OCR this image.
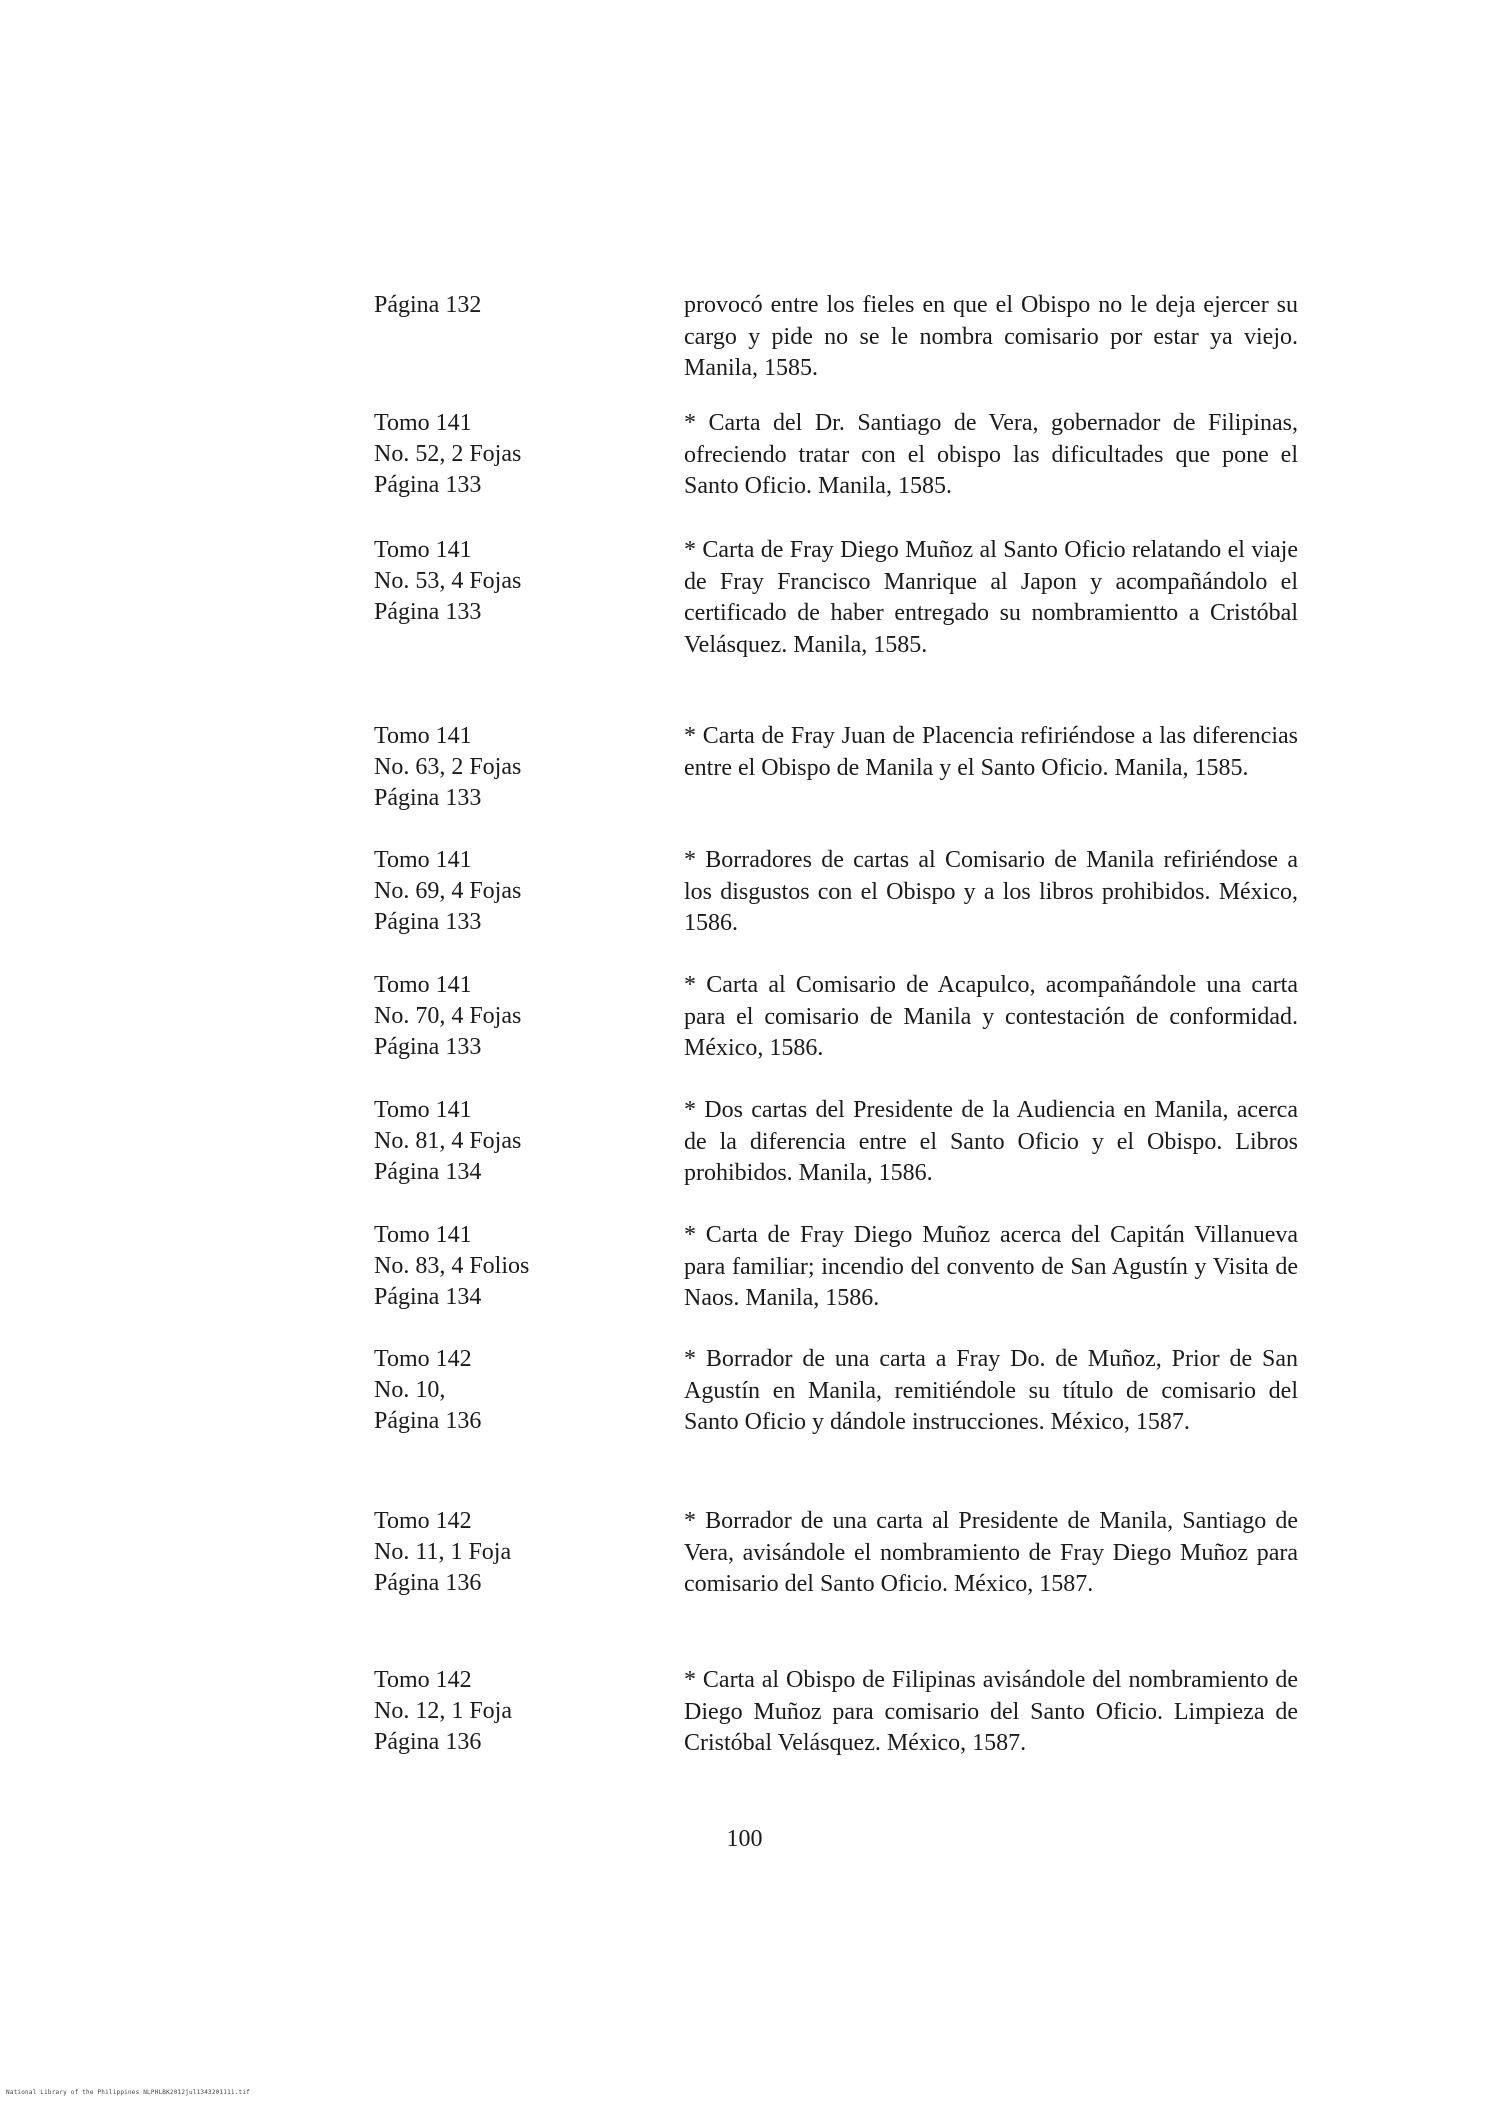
Página 132	provocó entre los fieles en que el Obispo no le deja ejercer su cargo y pide no se le nombra comisario por estar ya viejo. Manila, 1585.
Tomo 141
No. 52, 2 Fojas
Página 133
* Carta del Dr. Santiago de Vera, gobernador de Filipinas, ofreciendo tratar con el obispo las dificultades que pone el Santo Oficio. Manila, 1585.
Tomo 141
No. 53, 4 Fojas
Página 133
* Carta de Fray Diego Muñoz al Santo Oficio relatando el viaje de Fray Francisco Manrique al Japon y acompañándolo el certificado de haber entregado su nombramientto a Cristóbal Velásquez. Manila, 1585.
Tomo 141
No. 63, 2 Fojas
Página 133
* Carta de Fray Juan de Placencia refiriéndose a las diferencias entre el Obispo de Manila y el Santo Oficio. Manila, 1585.
Tomo 141
No. 69, 4 Fojas
Página 133
* Borradores de cartas al Comisario de Manila refiriéndose a los disgustos con el Obispo y a los libros prohibidos. México, 1586.
Tomo 141
No. 70, 4 Fojas
Página 133
* Carta al Comisario de Acapulco, acompañándole una carta para el comisario de Manila y contestación de conformidad. México, 1586.
Tomo 141
No. 81, 4 Fojas
Página 134
* Dos cartas del Presidente de la Audiencia en Manila, acerca de la diferencia entre el Santo Oficio y el Obispo. Libros prohibidos. Manila, 1586.
Tomo 141
No. 83, 4 Folios
Página 134
* Carta de Fray Diego Muñoz acerca del Capitán Villanueva para familiar; incendio del convento de San Agustín y Visita de Naos. Manila, 1586.
Tomo 142
No. 10,
Página 136
* Borrador de una carta a Fray Do. de Muñoz, Prior de San Agustín en Manila, remitiéndole su título de comisario del Santo Oficio y dándole instrucciones. México, 1587.
Tomo 142
No. 11, 1 Foja
Página 136
* Borrador de una carta al Presidente de Manila, Santiago de Vera, avisándole el nombramiento de Fray Diego Muñoz para comisario del Santo Oficio. México, 1587.
Tomo 142
No. 12, 1 Foja
Página 136
* Carta al Obispo de Filipinas avisándole del nombramiento de Diego Muñoz para comisario del Santo Oficio. Limpieza de Cristóbal Velásquez. México, 1587.
100
National Library of the Philippines NLPHLBK2012jul1343201111.tif
